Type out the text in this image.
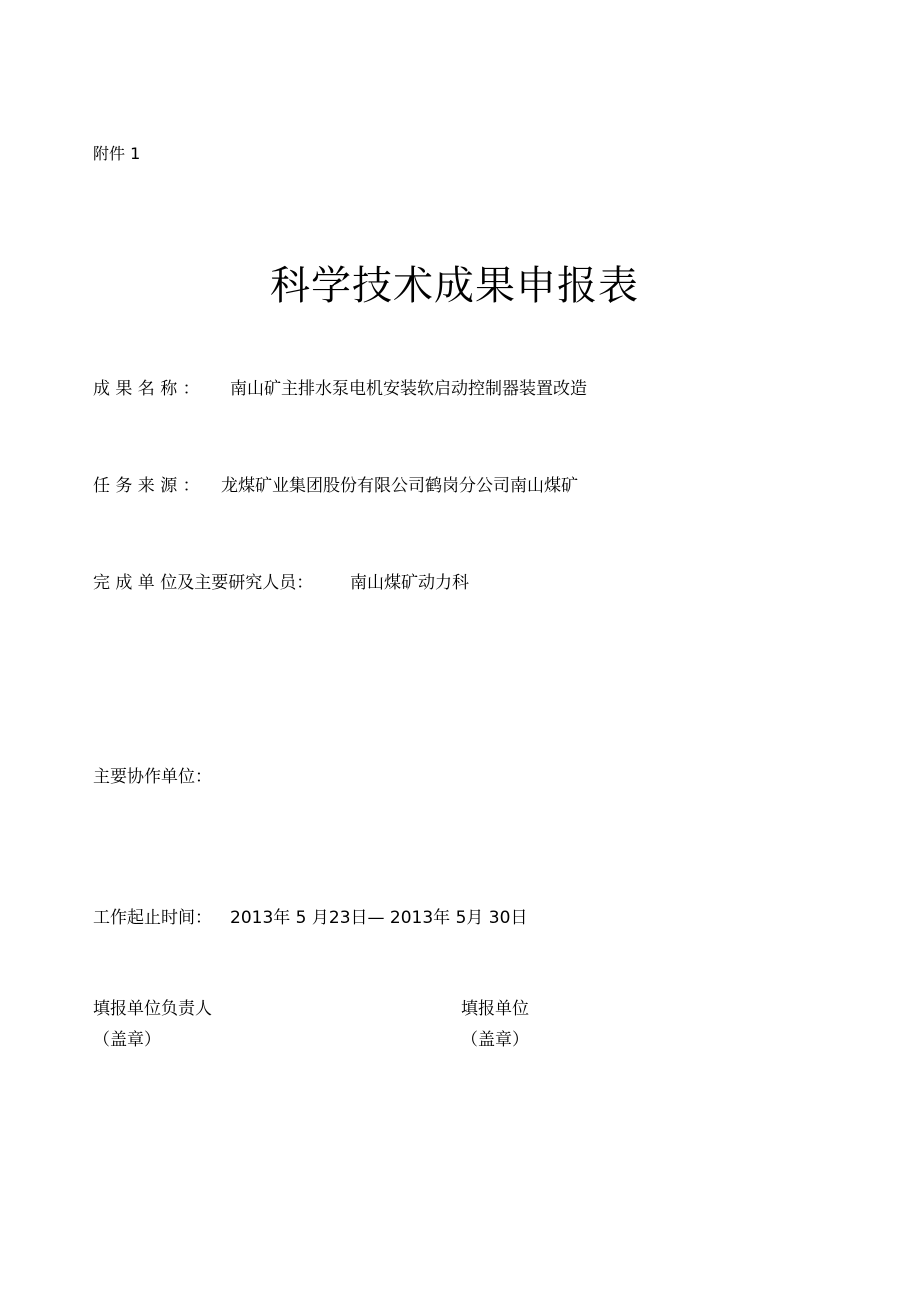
附件 1
科学技术成果申报表
成 果 名 称 ： 南山矿主排水泵电机安装软启动控制器装置改造
任 务 来 源 ： 龙煤矿业集团股份有限公司鹤岗分公司南山煤矿
完 成 单 位及主要研究人员： 南山煤矿动力科
主要协作单位：
工作起止时间： 2013年 5 月23日— 2013年 5月 30日
填报单位负责人
（盖章）
填报单位
（盖章）
